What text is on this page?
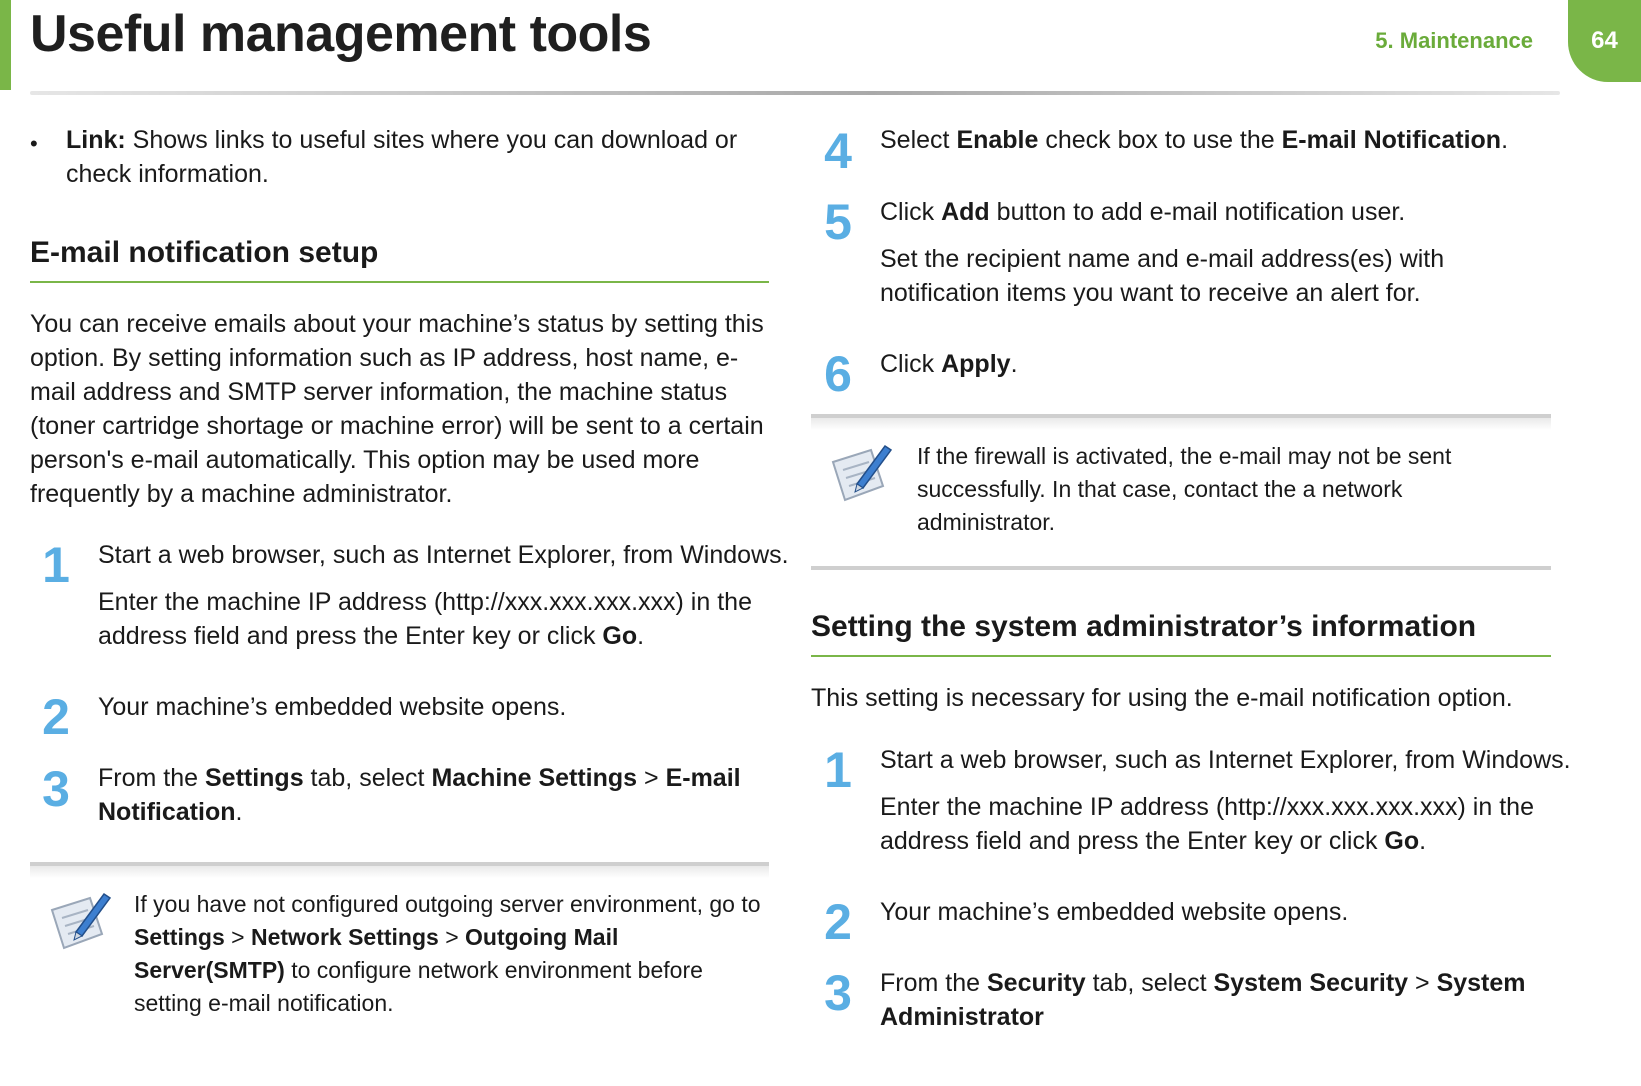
Useful management tools	5. Maintenance	64
• Link: Shows links to useful sites where you can download or check information.

E-mail notification setup

You can receive emails about your machine’s status by setting this option. By setting information such as IP address, host name, e-mail address and SMTP server information, the machine status (toner cartridge shortage or machine error) will be sent to a certain person's e-mail automatically. This option may be used more frequently by a machine administrator.

1	Start a web browser, such as Internet Explorer, from Windows.

Enter the machine IP address (http://xxx.xxx.xxx.xxx) in the address field and press the Enter key or click Go.

2	Your machine’s embedded website opens.

3	From the Settings tab, select Machine Settings > E-mail Notification.

If you have not configured outgoing server environment, go to Settings > Network Settings > Outgoing Mail Server(SMTP) to configure network environment before setting e-mail notification.

4	Select Enable check box to use the E-mail Notification.

5	Click Add button to add e-mail notification user.

Set the recipient name and e-mail address(es) with notification items you want to receive an alert for.

6	Click Apply.

If the firewall is activated, the e-mail may not be sent successfully. In that case, contact the a network administrator.

Setting the system administrator’s information

This setting is necessary for using the e-mail notification option.

1	Start a web browser, such as Internet Explorer, from Windows.

Enter the machine IP address (http://xxx.xxx.xxx.xxx) in the address field and press the Enter key or click Go.

2	Your machine’s embedded website opens.

3	From the Security tab, select System Security > System Administrator
